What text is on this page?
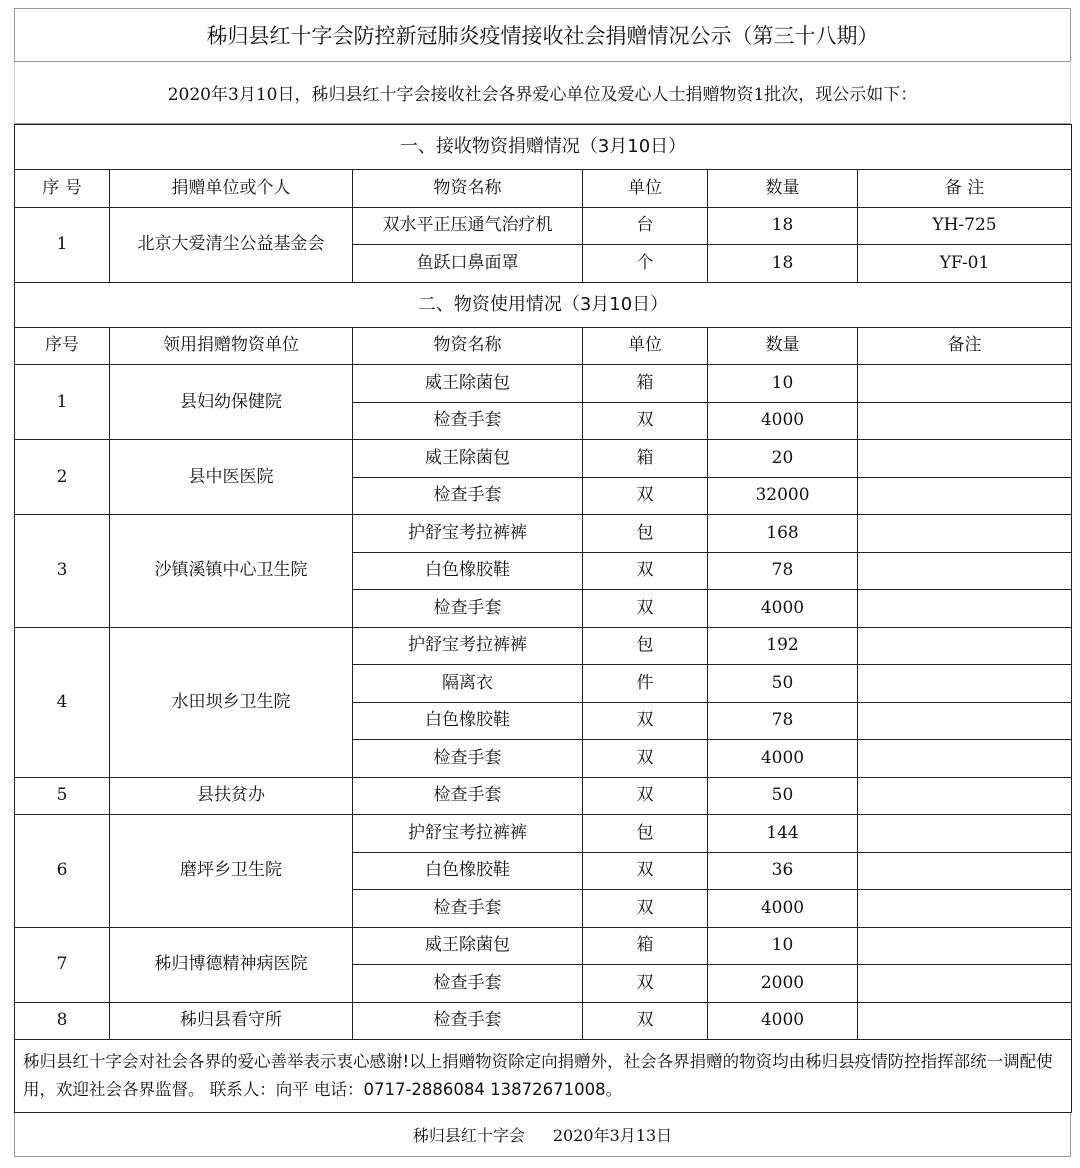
秭归县红十字会防控新冠肺炎疫情接收社会捐赠情况公示（第三十八期）
2020年3月10日，秭归县红十字会接收社会各界爱心单位及爱心人士捐赠物资1批次，现公示如下：
一、接收物资捐赠情况（3月10日）					
序 号	捐赠单位或个人	物资名称	单位	数量	备 注
1	北京大爱清尘公益基金会	双水平正压通气治疗机	台	18	YH-725
		鱼跃口鼻面罩	个	18	YF-01
二、物资使用情况（3月10日）					
序号	领用捐赠物资单位	物资名称	单位	数量	备注
1	县妇幼保健院	威王除菌包	箱	10	
		检查手套	双	4000	
2	县中医医院	威王除菌包	箱	20	
		检查手套	双	32000	
3	沙镇溪镇中心卫生院	护舒宝考拉裤裤	包	168	
		白色橡胶鞋	双	78	
		检查手套	双	4000	
4	水田坝乡卫生院	护舒宝考拉裤裤	包	192	
		隔离衣	件	50	
		白色橡胶鞋	双	78	
		检查手套	双	4000	
5	县扶贫办	检查手套	双	50	
6	磨坪乡卫生院	护舒宝考拉裤裤	包	144	
		白色橡胶鞋	双	36	
		检查手套	双	4000	
7	秭归博德精神病医院	威王除菌包	箱	10	
		检查手套	双	2000	
8	秭归县看守所	检查手套	双	4000	
秭归县红十字会对社会各界的爱心善举表示衷心感谢!以上捐赠物资除定向捐赠外，社会各界捐赠的物资均由秭归县疫情防控指挥部统一调配使用，欢迎社会各界监督。 联系人：向平 电话：0717-2886084 13872671008。					
秭归县红十字会 2020年3月13日
